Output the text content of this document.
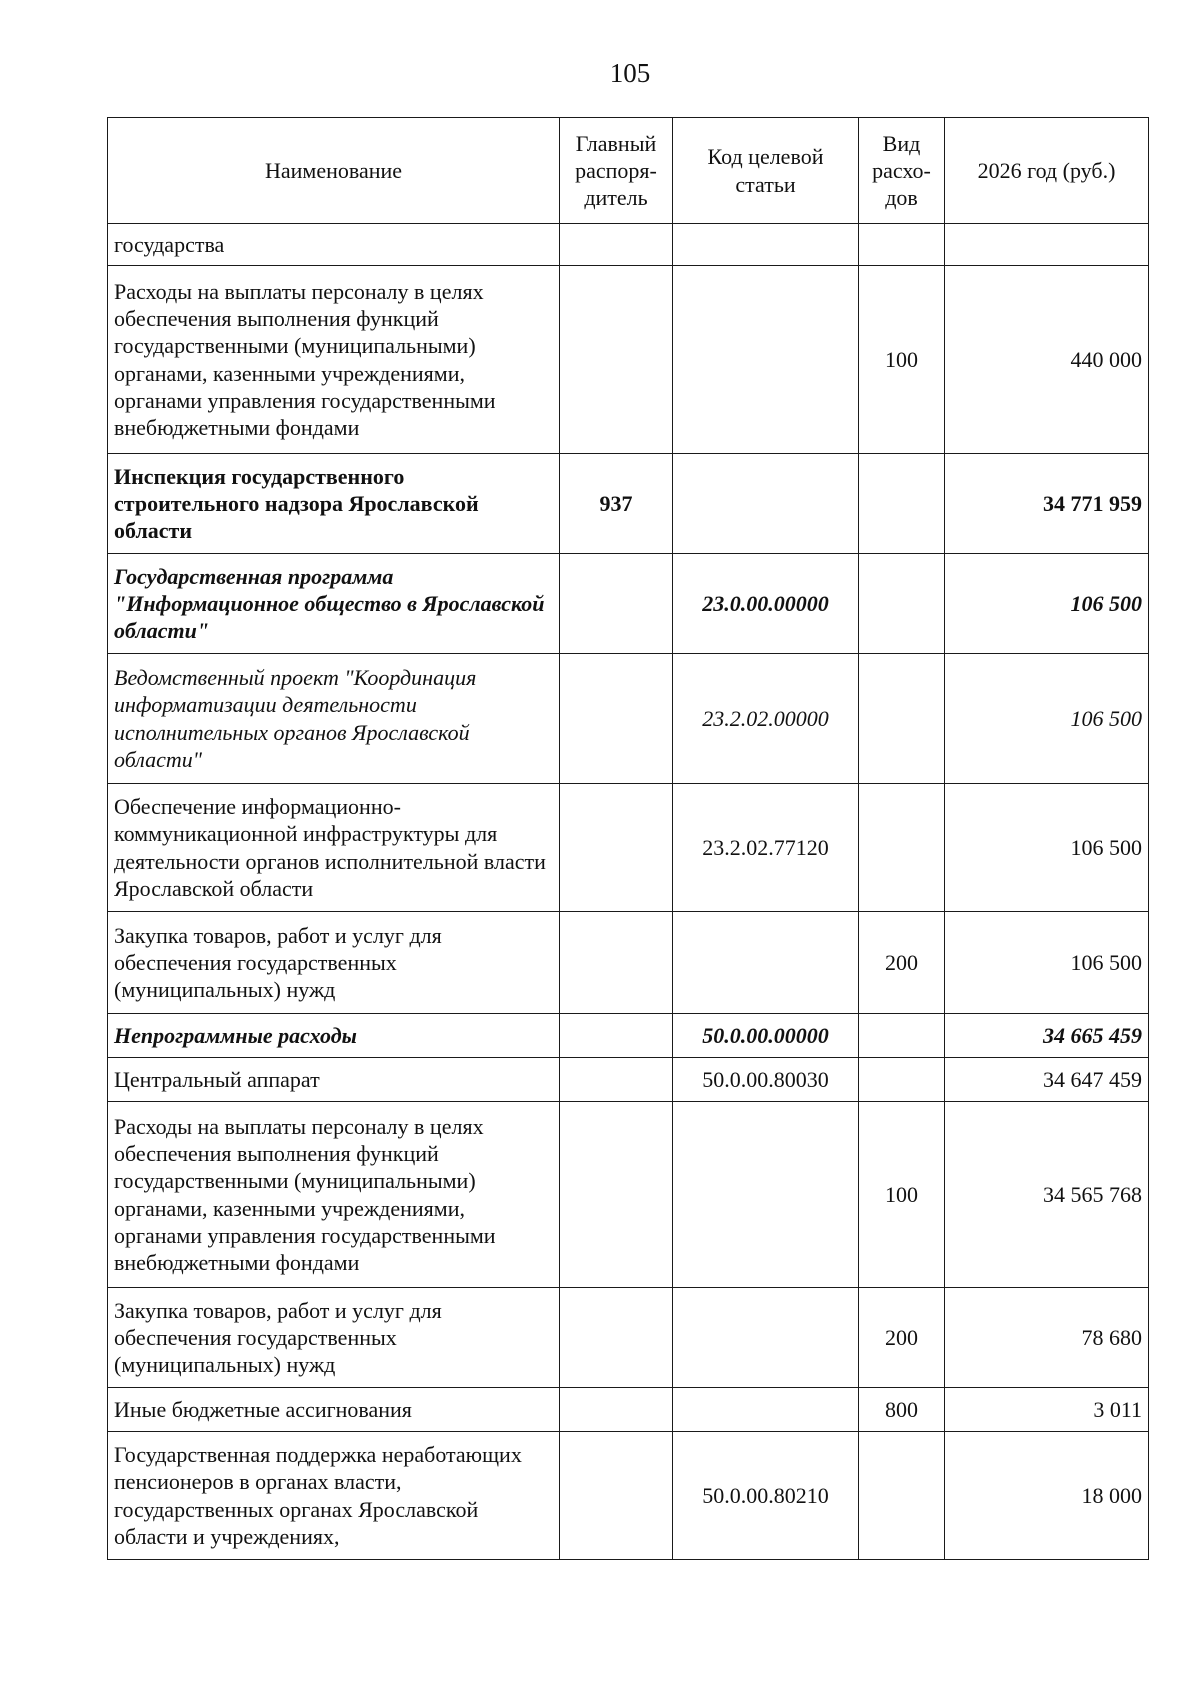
105
Наименование	Главный распоря-дитель	Код целевой статьи	Вид расхо-дов	2026 год (руб.)
государства				
Расходы на выплаты персоналу в целях обеспечения выполнения функций государственными (муниципальными) органами, казенными учреждениями, органами управления государственными внебюджетными фондами			100	440 000
Инспекция государственного строительного надзора Ярославской области	937			34 771 959
Государственная программа "Информационное общество в Ярославской области"		23.0.00.00000		106 500
Ведомственный проект "Координация информатизации деятельности исполнительных органов Ярославской области"		23.2.02.00000		106 500
Обеспечение информационно-коммуникационной инфраструктуры для деятельности органов исполнительной власти Ярославской области		23.2.02.77120		106 500
Закупка товаров, работ и услуг для обеспечения государственных (муниципальных) нужд			200	106 500
Непрограммные расходы		50.0.00.00000		34 665 459
Центральный аппарат		50.0.00.80030		34 647 459
Расходы на выплаты персоналу в целях обеспечения выполнения функций государственными (муниципальными) органами, казенными учреждениями, органами управления государственными внебюджетными фондами			100	34 565 768
Закупка товаров, работ и услуг для обеспечения государственных (муниципальных) нужд			200	78 680
Иные бюджетные ассигнования			800	3 011
Государственная поддержка неработающих пенсионеров в органах власти, государственных органах Ярославской области и учреждениях,		50.0.00.80210		18 000
